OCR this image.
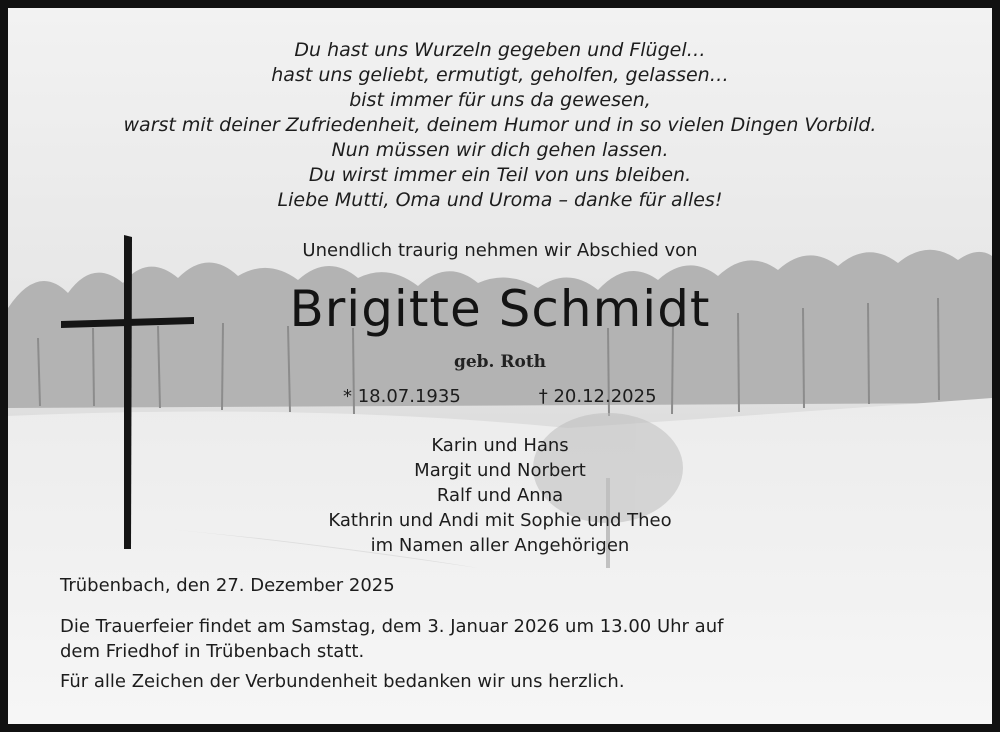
Du hast uns Wurzeln gegeben und Flügel…
hast uns geliebt, ermutigt, geholfen, gelassen…
bist immer für uns da gewesen,
warst mit deiner Zufriedenheit, deinem Humor und in so vielen Dingen Vorbild.
Nun müssen wir dich gehen lassen.
Du wirst immer ein Teil von uns bleiben.
Liebe Mutti, Oma und Uroma – danke für alles!
Unendlich traurig nehmen wir Abschied von
Brigitte Schmidt
geb. Roth
* 18.07.1935	† 20.12.2025
Karin und Hans
Margit und Norbert
Ralf und Anna
Kathrin und Andi mit Sophie und Theo
im Namen aller Angehörigen
Trübenbach, den 27. Dezember 2025
Die Trauerfeier findet am Samstag, dem 3. Januar 2026 um 13.00 Uhr auf
dem Friedhof in Trübenbach statt.
Für alle Zeichen der Verbundenheit bedanken wir uns herzlich.
